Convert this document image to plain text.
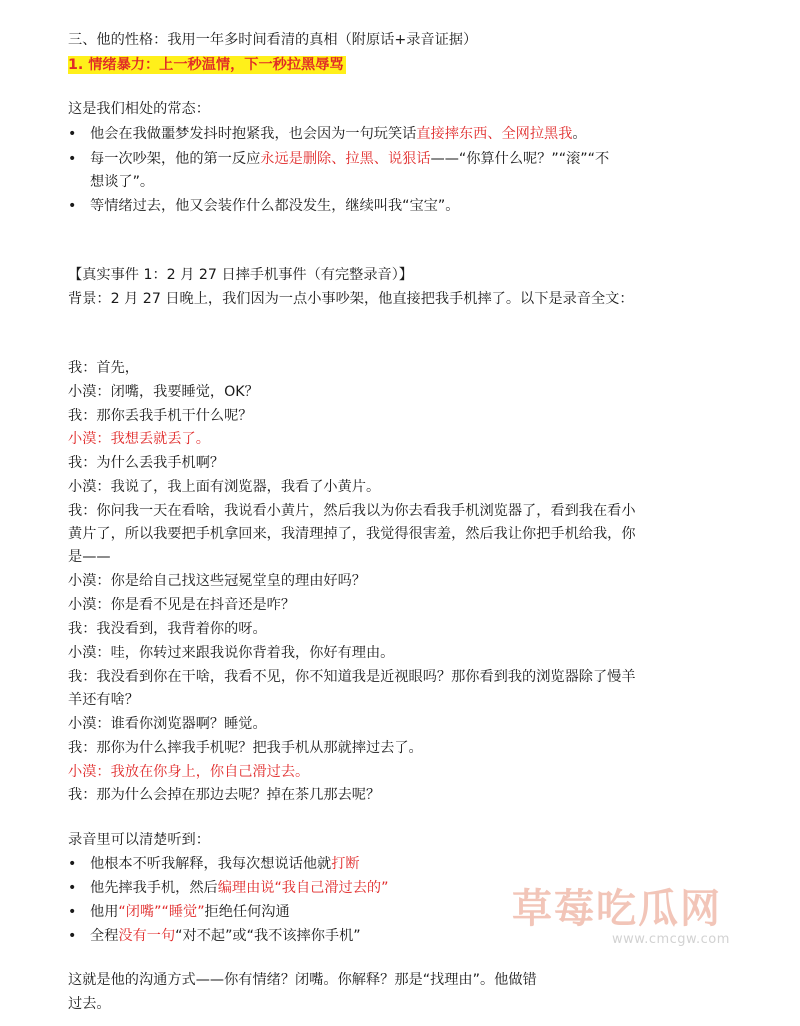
三、他的性格：我用一年多时间看清的真相（附原话+录音证据）
1. 情绪暴力：上一秒温情，下一秒拉黑辱骂
这是我们相处的常态：
• 他会在我做噩梦发抖时抱紧我，也会因为一句玩笑话直接摔东西、全网拉黑我。
• 每一次吵架，他的第一反应永远是删除、拉黑、说狠话——“你算什么呢？”“滚”“不
想谈了”。
• 等情绪过去，他又会装作什么都没发生，继续叫我“宝宝”。
【真实事件 1：2 月 27 日摔手机事件（有完整录音）】
背景：2 月 27 日晚上，我们因为一点小事吵架，他直接把我手机摔了。以下是录音全文：
我：首先，
小漠：闭嘴，我要睡觉，OK？
我：那你丢我手机干什么呢？
小漠：我想丢就丢了。
我：为什么丢我手机啊？
小漠：我说了，我上面有浏览器，我看了小黄片。
我：你问我一天在看啥，我说看小黄片，然后我以为你去看我手机浏览器了，看到我在看小
黄片了，所以我要把手机拿回来，我清理掉了，我觉得很害羞，然后我让你把手机给我，你
是——
小漠：你是给自己找这些冠冕堂皇的理由好吗？
小漠：你是看不见是在抖音还是咋？
我：我没看到，我背着你的呀。
小漠：哇，你转过来跟我说你背着我，你好有理由。
我：我没看到你在干啥，我看不见，你不知道我是近视眼吗？那你看到我的浏览器除了慢羊
羊还有啥？
小漠：谁看你浏览器啊？睡觉。
我：那你为什么摔我手机呢？把我手机从那就摔过去了。
小漠：我放在你身上，你自己滑过去。
我：那为什么会掉在那边去呢？掉在茶几那去呢？
录音里可以清楚听到：
• 他根本不听我解释，我每次想说话他就打断
• 他先摔我手机，然后编理由说“我自己滑过去的”
• 他用“闭嘴”“睡觉”拒绝任何沟通
• 全程没有一句“对不起”或“我不该摔你手机”
这就是他的沟通方式——你有情绪？闭嘴。你解释？那是“找理由”。他做错
过去。
草莓吃瓜网
www.cmcgw.com
